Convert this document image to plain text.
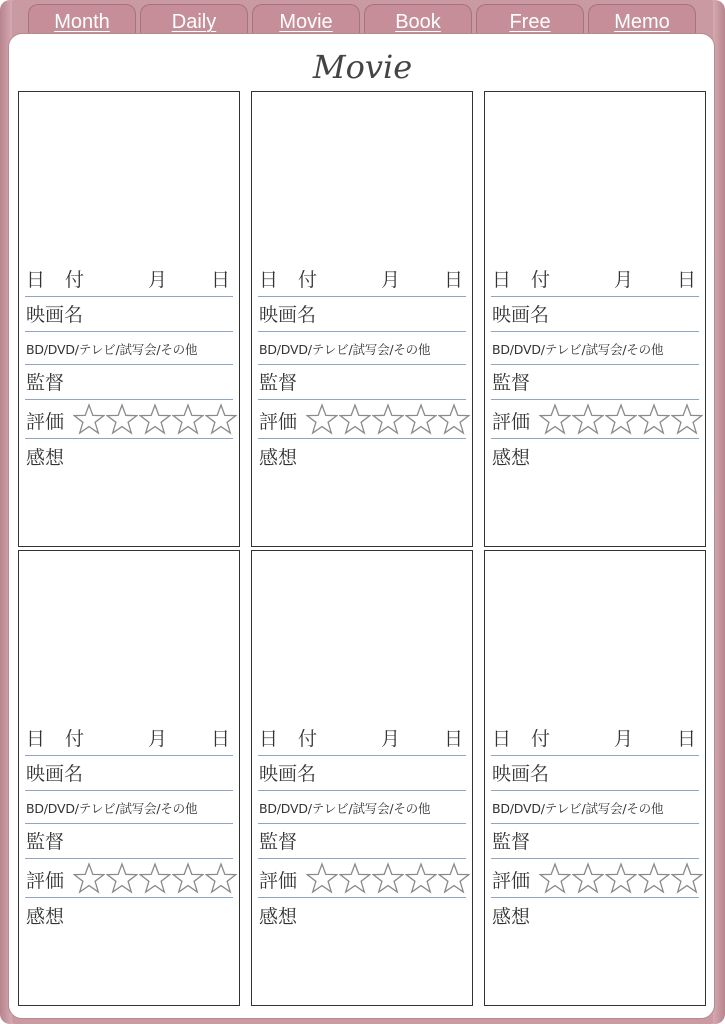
Month	Daily	Movie	Book	Free	Memo
Movie
日 付	月 日
映画名
BD/DVD/テレビ/試写会/その他
監督
評価
感想
日 付	月 日
映画名
BD/DVD/テレビ/試写会/その他
監督
評価
感想
日 付	月 日
映画名
BD/DVD/テレビ/試写会/その他
監督
評価
感想
日 付	月 日
映画名
BD/DVD/テレビ/試写会/その他
監督
評価
感想
日 付	月 日
映画名
BD/DVD/テレビ/試写会/その他
監督
評価
感想
日 付	月 日
映画名
BD/DVD/テレビ/試写会/その他
監督
評価
感想
